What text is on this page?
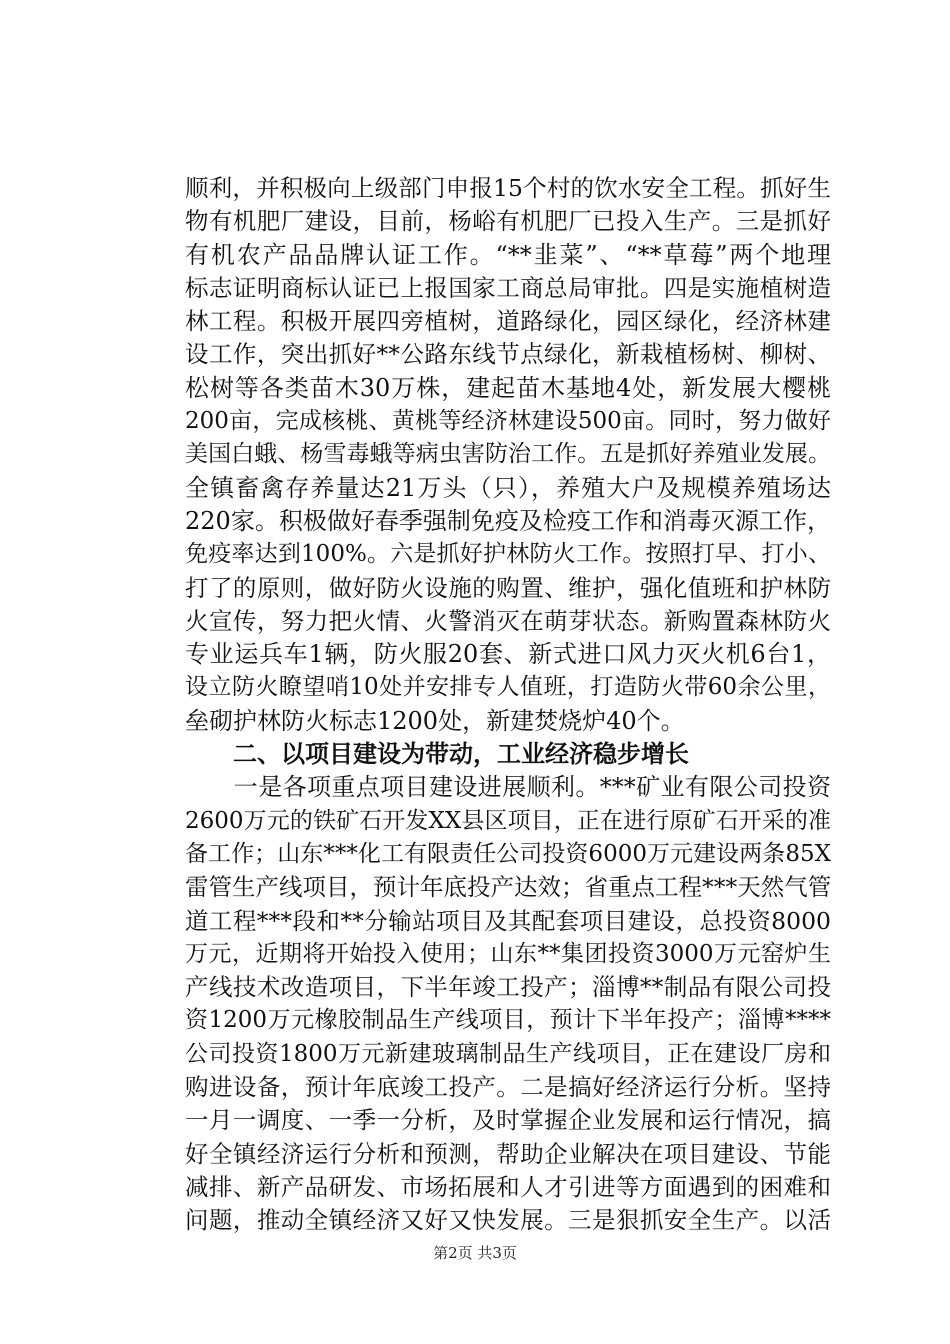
顺利，并积极向上级部门申报15个村的饮水安全工程。抓好生
物有机肥厂建设，目前，杨峪有机肥厂已投入生产。三是抓好
有机农产品品牌认证工作。“**韭菜”、“**草莓”两个地理
标志证明商标认证已上报国家工商总局审批。四是实施植树造
林工程。积极开展四旁植树，道路绿化，园区绿化，经济林建
设工作，突出抓好**公路东线节点绿化，新栽植杨树、柳树、
松树等各类苗木30万株，建起苗木基地4处，新发展大樱桃
200亩，完成核桃、黄桃等经济林建设500亩。同时，努力做好
美国白蛾、杨雪毒蛾等病虫害防治工作。五是抓好养殖业发展。
全镇畜禽存养量达21万头（只），养殖大户及规模养殖场达
220家。积极做好春季强制免疫及检疫工作和消毒灭源工作，
免疫率达到100%。六是抓好护林防火工作。按照打早、打小、
打了的原则，做好防火设施的购置、维护，强化值班和护林防
火宣传，努力把火情、火警消灭在萌芽状态。新购置森林防火
专业运兵车1辆，防火服20套、新式进口风力灭火机6台1，
设立防火瞭望哨10处并安排专人值班，打造防火带60余公里，
垒砌护林防火标志1200处，新建焚烧炉40个。
　　二、以项目建设为带动，工业经济稳步增长
　　一是各项重点项目建设进展顺利。***矿业有限公司投资
2600万元的铁矿石开发XX县区项目，正在进行原矿石开采的准
备工作；山东***化工有限责任公司投资6000万元建设两条85X
雷管生产线项目，预计年底投产达效；省重点工程***天然气管
道工程***段和**分输站项目及其配套项目建设，总投资8000
万元，近期将开始投入使用；山东**集团投资3000万元窑炉生
产线技术改造项目，下半年竣工投产；淄博**制品有限公司投
资1200万元橡胶制品生产线项目，预计下半年投产；淄博****
公司投资1800万元新建玻璃制品生产线项目，正在建设厂房和
购进设备，预计年底竣工投产。二是搞好经济运行分析。坚持
一月一调度、一季一分析，及时掌握企业发展和运行情况，搞
好全镇经济运行分析和预测，帮助企业解决在项目建设、节能
减排、新产品研发、市场拓展和人才引进等方面遇到的困难和
问题，推动全镇经济又好又快发展。三是狠抓安全生产。以活
第2页 共3页
